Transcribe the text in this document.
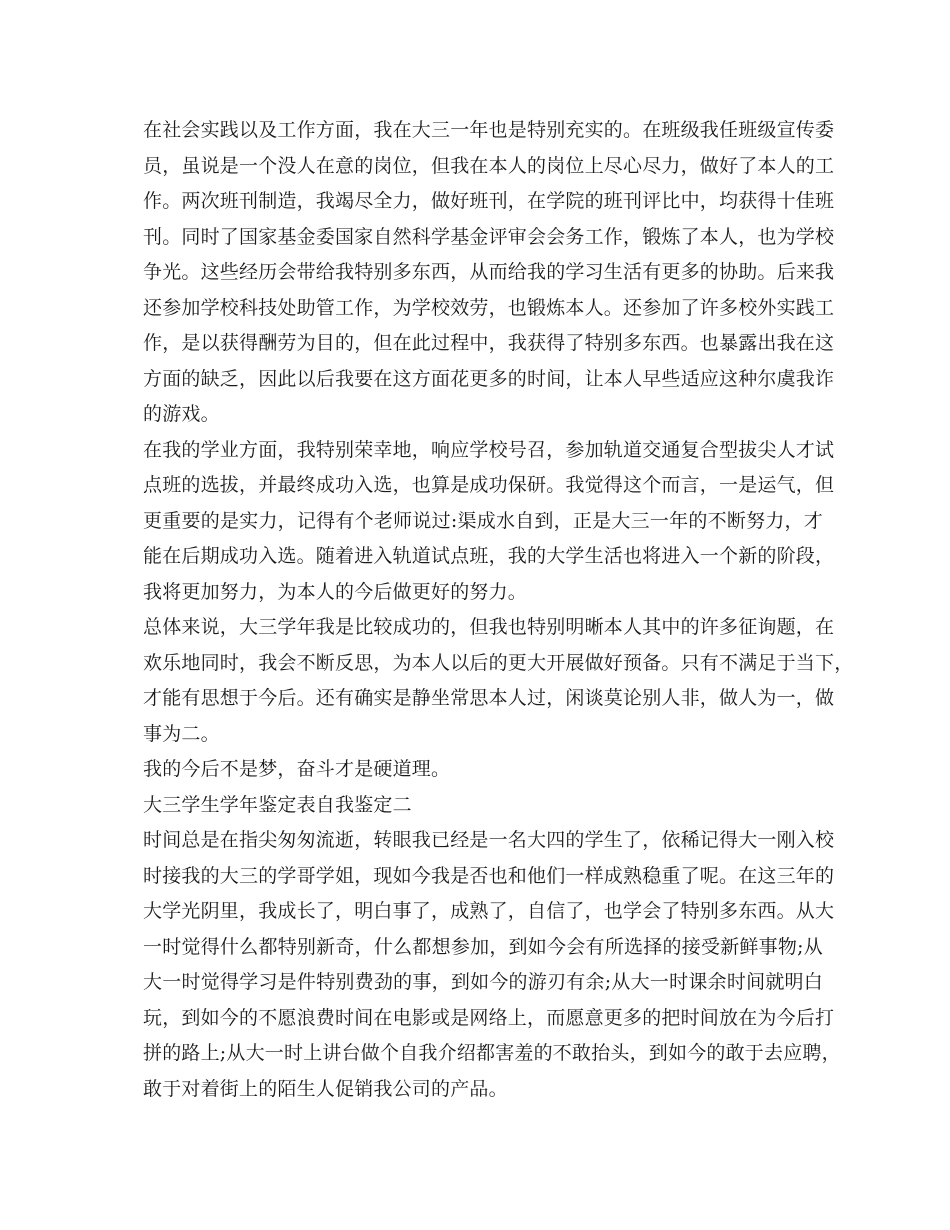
在社会实践以及工作方面，我在大三一年也是特别充实的。在班级我任班级宣传委
员，虽说是一个没人在意的岗位，但我在本人的岗位上尽心尽力，做好了本人的工
作。两次班刊制造，我竭尽全力，做好班刊，在学院的班刊评比中，均获得十佳班
刊。同时了国家基金委国家自然科学基金评审会会务工作，锻炼了本人，也为学校
争光。这些经历会带给我特别多东西，从而给我的学习生活有更多的协助。后来我
还参加学校科技处助管工作，为学校效劳，也锻炼本人。还参加了许多校外实践工
作，是以获得酬劳为目的，但在此过程中，我获得了特别多东西。也暴露出我在这
方面的缺乏，因此以后我要在这方面花更多的时间，让本人早些适应这种尔虞我诈
的游戏。
在我的学业方面，我特别荣幸地，响应学校号召，参加轨道交通复合型拔尖人才试
点班的选拔，并最终成功入选，也算是成功保研。我觉得这个而言，一是运气，但
更重要的是实力，记得有个老师说过:渠成水自到，正是大三一年的不断努力，才
能在后期成功入选。随着进入轨道试点班，我的大学生活也将进入一个新的阶段，
我将更加努力，为本人的今后做更好的努力。
总体来说，大三学年我是比较成功的，但我也特别明晰本人其中的许多征询题，在
欢乐地同时，我会不断反思，为本人以后的更大开展做好预备。只有不满足于当下，
才能有思想于今后。还有确实是静坐常思本人过，闲谈莫论别人非，做人为一，做
事为二。
我的今后不是梦，奋斗才是硬道理。
大三学生学年鉴定表自我鉴定二
时间总是在指尖匆匆流逝，转眼我已经是一名大四的学生了，依稀记得大一刚入校
时接我的大三的学哥学姐，现如今我是否也和他们一样成熟稳重了呢。在这三年的
大学光阴里，我成长了，明白事了，成熟了，自信了，也学会了特别多东西。从大
一时觉得什么都特别新奇，什么都想参加，到如今会有所选择的接受新鲜事物;从
大一时觉得学习是件特别费劲的事，到如今的游刃有余;从大一时课余时间就明白
玩，到如今的不愿浪费时间在电影或是网络上，而愿意更多的把时间放在为今后打
拼的路上;从大一时上讲台做个自我介绍都害羞的不敢抬头，到如今的敢于去应聘，
敢于对着街上的陌生人促销我公司的产品。
